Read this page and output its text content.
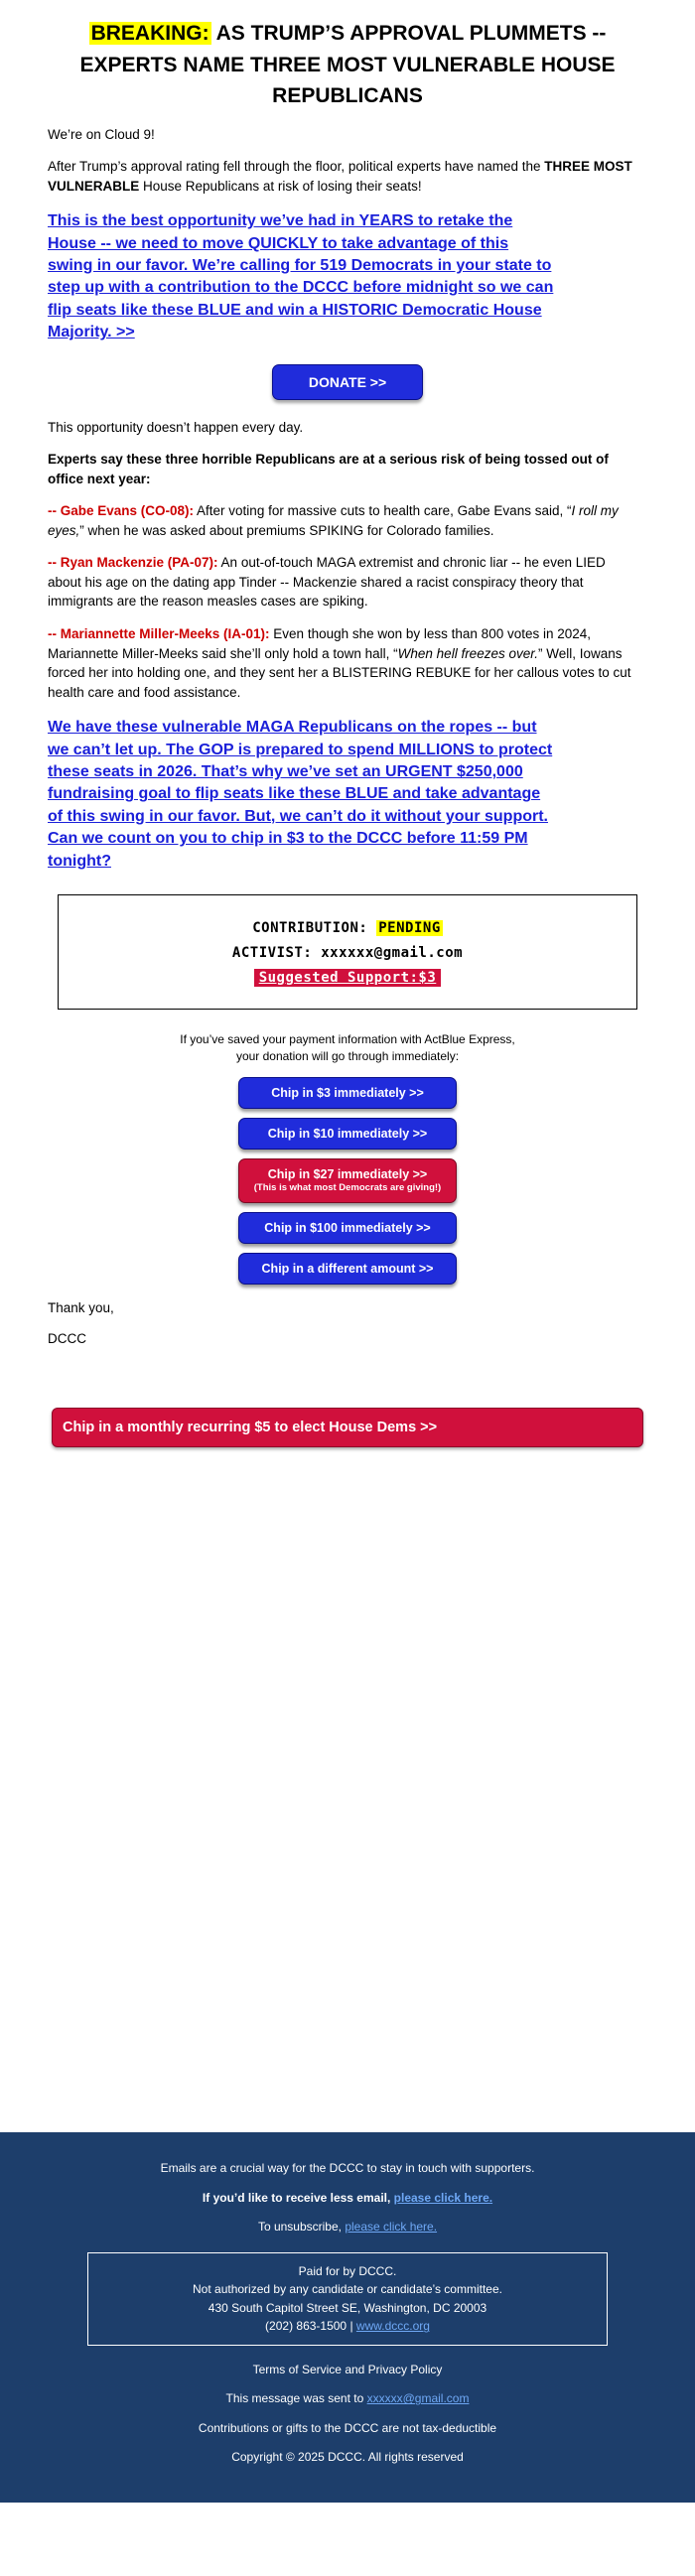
BREAKING: AS TRUMP’S APPROVAL PLUMMETS -- EXPERTS NAME THREE MOST VULNERABLE HOUSE REPUBLICANS

We’re on Cloud 9!

After Trump’s approval rating fell through the floor, political experts have named the THREE MOST VULNERABLE House Republicans at risk of losing their seats!

This is the best opportunity we’ve had in YEARS to retake the House -- we need to move QUICKLY to take advantage of this swing in our favor. We’re calling for 519 Democrats in your state to step up with a contribution to the DCCC before midnight so we can flip seats like these BLUE and win a HISTORIC Democratic House Majority. >>

DONATE >>

This opportunity doesn’t happen every day.

Experts say these three horrible Republicans are at a serious risk of being tossed out of office next year:

-- Gabe Evans (CO-08): After voting for massive cuts to health care, Gabe Evans said, “I roll my eyes,” when he was asked about premiums SPIKING for Colorado families.

-- Ryan Mackenzie (PA-07): An out-of-touch MAGA extremist and chronic liar -- he even LIED about his age on the dating app Tinder -- Mackenzie shared a racist conspiracy theory that immigrants are the reason measles cases are spiking.

-- Mariannette Miller-Meeks (IA-01): Even though she won by less than 800 votes in 2024, Mariannette Miller-Meeks said she’ll only hold a town hall, “When hell freezes over.” Well, Iowans forced her into holding one, and they sent her a BLISTERING REBUKE for her callous votes to cut health care and food assistance.

We have these vulnerable MAGA Republicans on the ropes -- but we can’t let up. The GOP is prepared to spend MILLIONS to protect these seats in 2026. That’s why we’ve set an URGENT $250,000 fundraising goal to flip seats like these BLUE and take advantage of this swing in our favor. But, we can’t do it without your support. Can we count on you to chip in $3 to the DCCC before 11:59 PM tonight?

CONTRIBUTION: PENDING
ACTIVIST: xxxxxx@gmail.com
Suggested Support:$3
If you’ve saved your payment information with ActBlue Express,
your donation will go through immediately:
Chip in $3 immediately >>
Chip in $10 immediately >>
Chip in $27 immediately >>
(This is what most Democrats are giving!)
Chip in $100 immediately >>
Chip in a different amount >>

Thank you,

DCCC

Chip in a monthly recurring $5 to elect House Dems >>

Emails are a crucial way for the DCCC to stay in touch with supporters.

If you’d like to receive less email, please click here.

To unsubscribe, please click here.

Paid for by DCCC.
Not authorized by any candidate or candidate’s committee.
430 South Capitol Street SE, Washington, DC 20003
(202) 863-1500 | www.dccc.org

Terms of Service and Privacy Policy

This message was sent to xxxxxx@gmail.com

Contributions or gifts to the DCCC are not tax-deductible

Copyright © 2025 DCCC. All rights reserved
